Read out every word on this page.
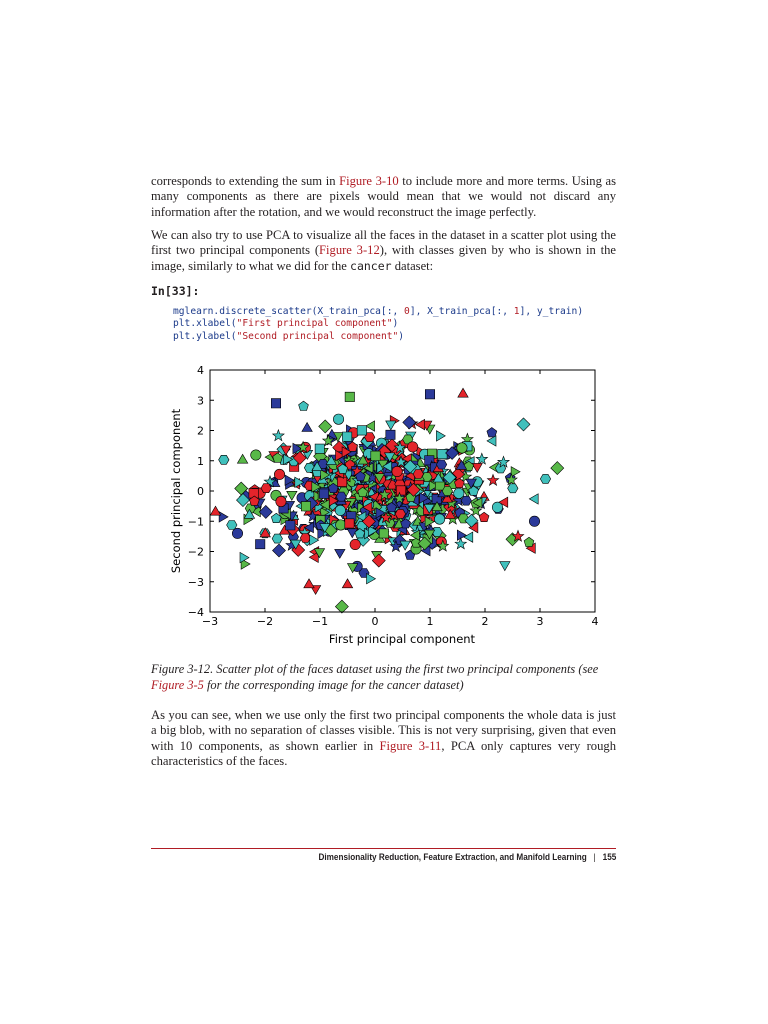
corresponds to extending the sum in Figure 3-10 to include more and more terms. Using as many components as there are pixels would mean that we would not discard any information after the rotation, and we would reconstruct the image perfectly.

We can also try to use PCA to visualize all the faces in the dataset in a scatter plot using the first two principal components (Figure 3-12), with classes given by who is shown in the image, similarly to what we did for the cancer dataset:

In[33]:
mglearn.discrete_scatter(X_train_pca[:, 0], X_train_pca[:, 1], y_train)
plt.xlabel("First principal component")
plt.ylabel("Second principal component")
−3	−2	−1	0	1	2	3	4
4
3
2
1
0
−1
−2
−3
−4
First principal component
Second principal component
Figure 3-12. Scatter plot of the faces dataset using the first two principal components (see
Figure 3-5 for the corresponding image for the cancer dataset)

As you can see, when we use only the first two principal components the whole data is just a big blob, with no separation of classes visible. This is not very surprising, given that even with 10 components, as shown earlier in Figure 3-11, PCA only captures very rough characteristics of the faces.

Dimensionality Reduction, Feature Extraction, and Manifold Learning | 155
